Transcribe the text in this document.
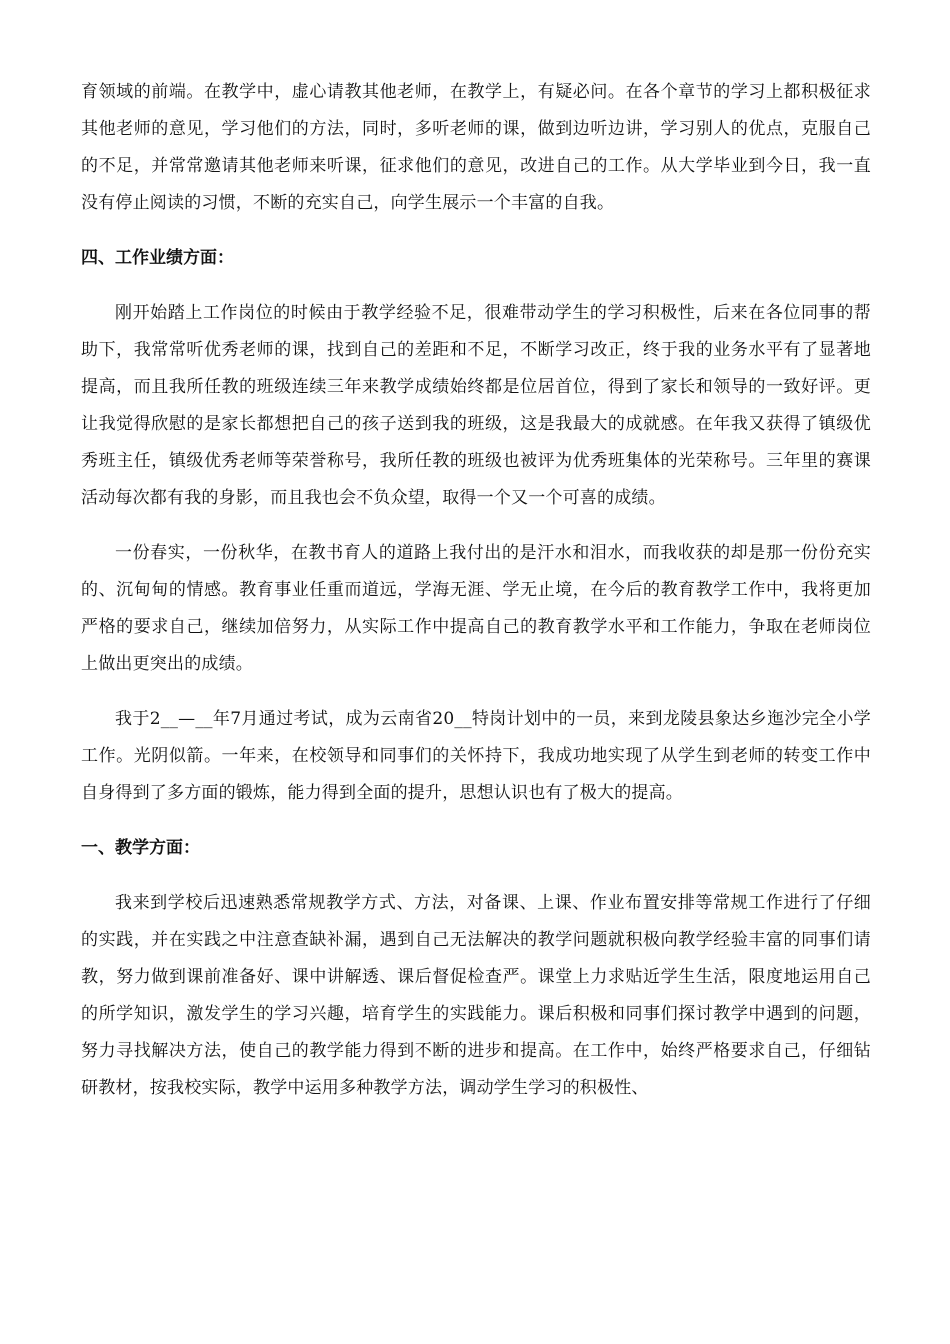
育领域的前端。在教学中，虚心请教其他老师，在教学上，有疑必问。在各个章节的学习上都积极征求其他老师的意见，学习他们的方法，同时，多听老师的课，做到边听边讲，学习别人的优点，克服自己的不足，并常常邀请其他老师来听课，征求他们的意见，改进自己的工作。从大学毕业到今日，我一直没有停止阅读的习惯，不断的充实自己，向学生展示一个丰富的自我。

四、工作业绩方面：

刚开始踏上工作岗位的时候由于教学经验不足，很难带动学生的学习积极性，后来在各位同事的帮助下，我常常听优秀老师的课，找到自己的差距和不足，不断学习改正，终于我的业务水平有了显著地提高，而且我所任教的班级连续三年来教学成绩始终都是位居首位，得到了家长和领导的一致好评。更让我觉得欣慰的是家长都想把自己的孩子送到我的班级，这是我最大的成就感。在年我又获得了镇级优秀班主任，镇级优秀老师等荣誉称号，我所任教的班级也被评为优秀班集体的光荣称号。三年里的赛课活动每次都有我的身影，而且我也会不负众望，取得一个又一个可喜的成绩。

一份春实，一份秋华，在教书育人的道路上我付出的是汗水和泪水，而我收获的却是那一份份充实的、沉甸甸的情感。教育事业任重而道远，学海无涯、学无止境，在今后的教育教学工作中，我将更加严格的要求自己，继续加倍努力，从实际工作中提高自己的教育教学水平和工作能力，争取在老师岗位上做出更突出的成绩。

我于2__—__年7月通过考试，成为云南省20__特岗计划中的一员，来到龙陵县象达乡迤沙完全小学工作。光阴似箭。一年来，在校领导和同事们的关怀持下，我成功地实现了从学生到老师的转变工作中自身得到了多方面的锻炼，能力得到全面的提升，思想认识也有了极大的提高。

一、教学方面：

我来到学校后迅速熟悉常规教学方式、方法，对备课、上课、作业布置安排等常规工作进行了仔细的实践，并在实践之中注意查缺补漏，遇到自己无法解决的教学问题就积极向教学经验丰富的同事们请教，努力做到课前准备好、课中讲解透、课后督促检查严。课堂上力求贴近学生生活，限度地运用自己的所学知识，激发学生的学习兴趣，培育学生的实践能力。课后积极和同事们探讨教学中遇到的问题，努力寻找解决方法，使自己的教学能力得到不断的进步和提高。在工作中，始终严格要求自己，仔细钻研教材，按我校实际，教学中运用多种教学方法，调动学生学习的积极性、
